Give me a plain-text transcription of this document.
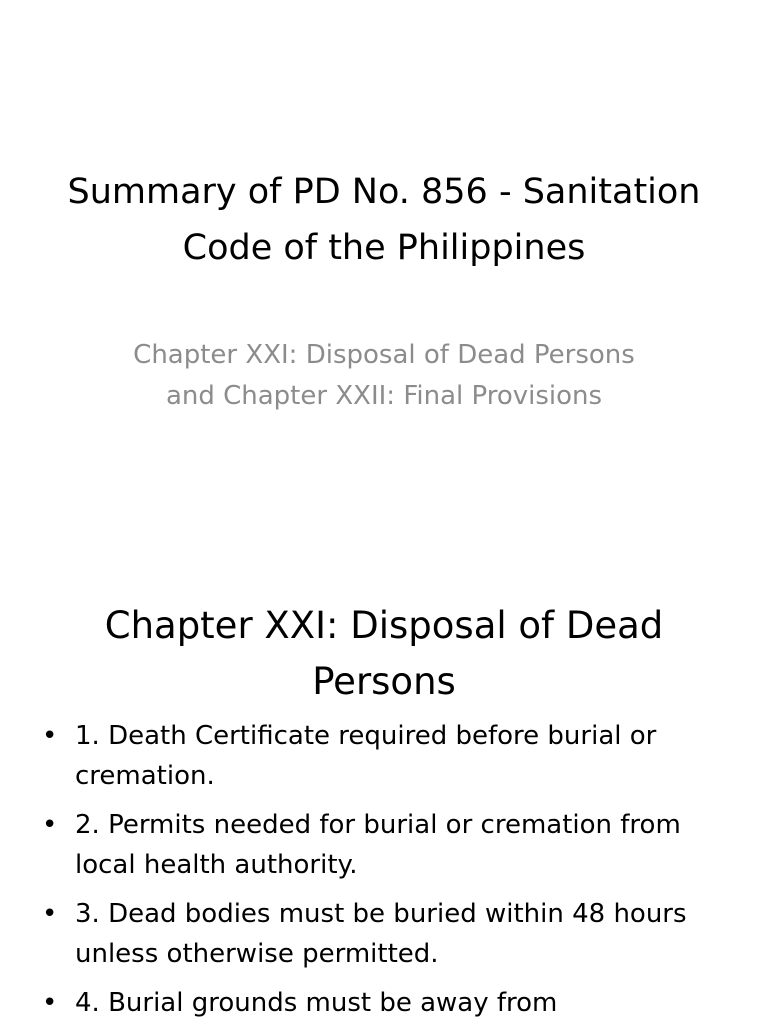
Summary of PD No. 856 - Sanitation Code of the Philippines

Chapter XXI: Disposal of Dead Persons and Chapter XXII: Final Provisions

Chapter XXI: Disposal of Dead Persons
• 1. Death Certificate required before burial or cremation.
• 2. Permits needed for burial or cremation from local health authority.
• 3. Dead bodies must be buried within 48 hours unless otherwise permitted.
• 4. Burial grounds must be away from
